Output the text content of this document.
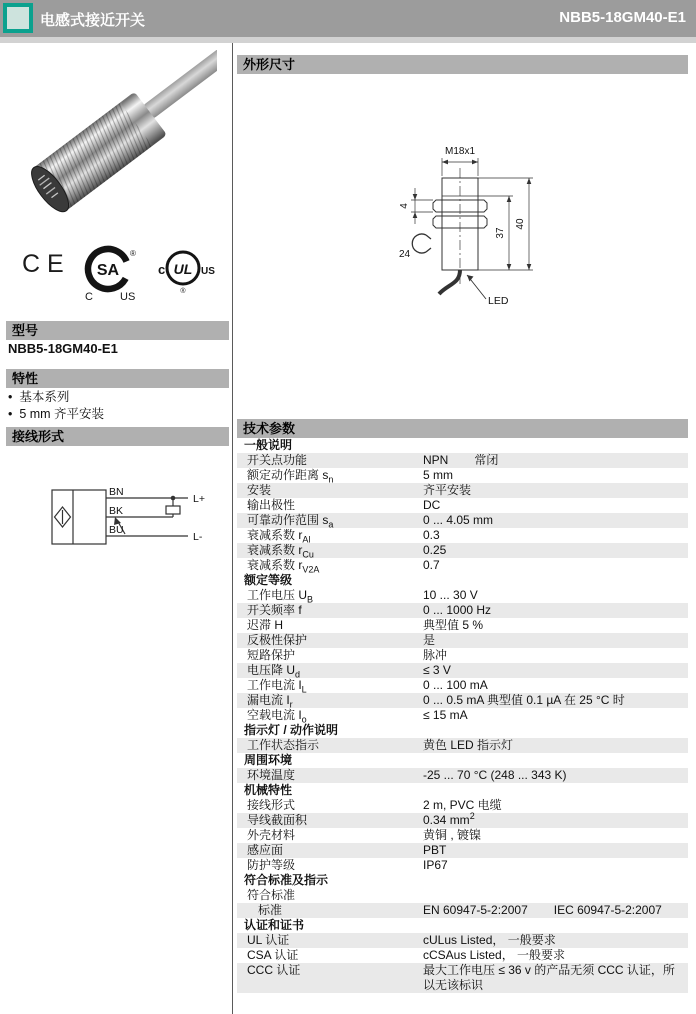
电感式接近开关	NBB5-18GM40-E1
CE SA
®
C US
UL
c	US
®
型号
NBB5-18GM40-E1
特性
•  基本系列
•  5 mm 齐平安装
接线形式
BN
BK
BU
L+
L-
外形尺寸
M18x1
4
24
37
40
LED
技术参数
一般说明
开关点功能	NPN 常闭
额定动作距离 $s_n$	5 mm
安装	齐平安装
输出极性	DC
可靠动作范围 $s_a$	0 ... 4.05 mm
衰减系数 $r_{Al}$	0.3
衰减系数 $r_{Cu}$	0.25
衰减系数 $r_{V2A}$	0.7
额定等级
工作电压 $U_B$	10 ... 30 V
开关频率 f	0 ... 1000 Hz
迟滞 H	典型值 5 %
反极性保护	是
短路保护	脉冲
电压降 $U_d$	≤ 3 V
工作电流 $I_L$	0 ... 100 mA
漏电流 $I_r$	0 ... 0.5 mA 典型值 0.1 µA 在 25 °C 时
空载电流 $I_o$	≤ 15 mA
指示灯 / 动作说明
工作状态指示	黄色 LED 指示灯
周围环境
环境温度	-25 ... 70 °C (248 ... 343 K)
机械特性
接线形式	2 m, PVC 电缆
导线截面积	0.34 $mm^2$
外壳材料	黄铜 , 镀镍
感应面	PBT
防护等级	IP67
符合标准及指示
符合标准
标准	EN 60947-5-2:2007 IEC 60947-5-2:2007
认证和证书
UL 认证	cULus Listed， 一般要求
CSA 认证	cCSAus Listed， 一般要求
CCC 认证	最大工作电压 ≤ 36 v 的产品无须 CCC 认证，所以无该标识
